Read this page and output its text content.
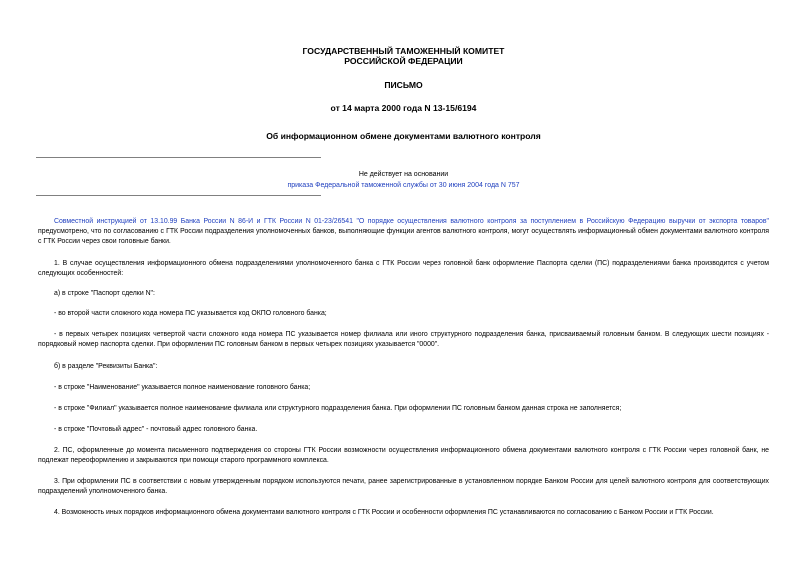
ГОСУДАРСТВЕННЫЙ ТАМОЖЕННЫЙ КОМИТЕТ
РОССИЙСКОЙ ФЕДЕРАЦИИ
ПИСЬМО
от 14 марта 2000 года N 13-15/6194
Об информационном обмене документами валютного контроля
Не действует на основании
приказа Федеральной таможенной службы от 30 июня 2004 года N 757
Совместной инструкцией от 13.10.99 Банка России N 86-И и ГТК России N 01-23/26541 "О порядке осуществления валютного контроля за поступлением в Российскую Федерацию выручки от экспорта товаров" предусмотрено, что по согласованию с ГТК России подразделения уполномоченных банков, выполняющие функции агентов валютного контроля, могут осуществлять информационный обмен документами валютного контроля с ГТК России через свои головные банки.
1. В случае осуществления информационного обмена подразделениями уполномоченного банка с ГТК России через головной банк оформление Паспорта сделки (ПС) подразделениями банка производится с учетом следующих особенностей:
а) в строке "Паспорт сделки N":
- во второй части сложного кода номера ПС указывается код ОКПО головного банка;
- в первых четырех позициях четвертой части сложного кода номера ПС указывается номер филиала или иного структурного подразделения банка, присваиваемый головным банком. В следующих шести позициях - порядковый номер паспорта сделки. При оформлении ПС головным банком в первых четырех позициях указывается "0000".
б) в разделе "Реквизиты Банка":
- в строке "Наименование" указывается полное наименование головного банка;
- в строке "Филиал" указывается полное наименование филиала или структурного подразделения банка. При оформлении ПС головным банком данная строка не заполняется;
- в строке "Почтовый адрес" - почтовый адрес головного банка.
2. ПС, оформленные до момента письменного подтверждения со стороны ГТК России возможности осуществления информационного обмена документами валютного контроля с ГТК России через головной банк, не подлежат переоформлению и закрываются при помощи старого программного комплекса.
3. При оформлении ПС в соответствии с новым утвержденным порядком используются печати, ранее зарегистрированные в установленном порядке Банком России для целей валютного контроля для соответствующих подразделений уполномоченного банка.
4. Возможность иных порядков информационного обмена документами валютного контроля с ГТК России и особенности оформления ПС устанавливаются по согласованию с Банком России и ГТК России.
